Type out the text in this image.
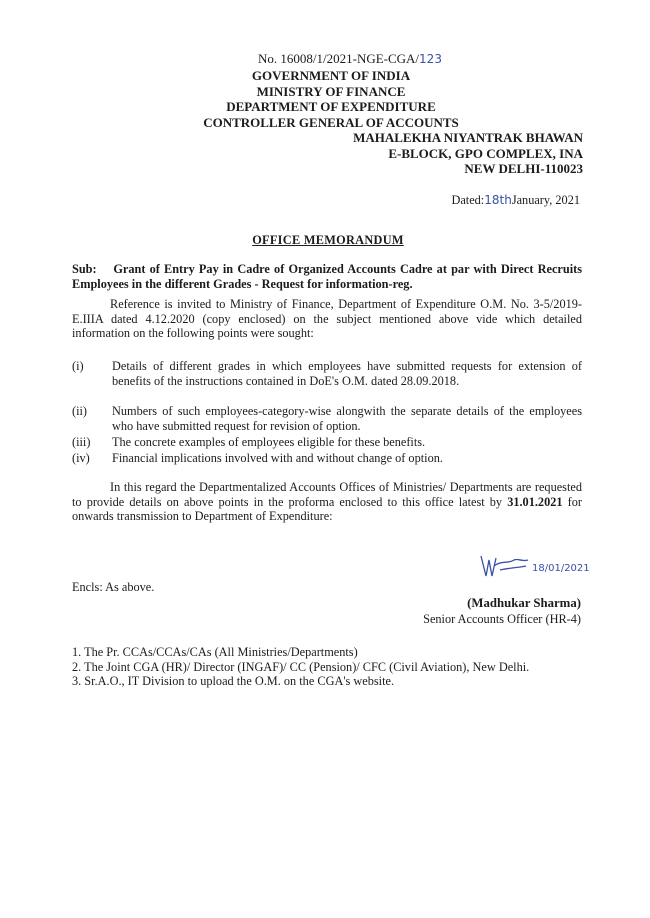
No. 16008/1/2021-NGE-CGA/123
GOVERNMENT OF INDIA
MINISTRY OF FINANCE
DEPARTMENT OF EXPENDITURE
CONTROLLER GENERAL OF ACCOUNTS
MAHALEKHA NIYANTRAK BHAWAN
E-BLOCK, GPO COMPLEX, INA
NEW DELHI-110023
Dated:18thJanuary, 2021
OFFICE MEMORANDUM
Sub: Grant of Entry Pay in Cadre of Organized Accounts Cadre at par with Direct Recruits Employees in the different Grades - Request for information-reg.
Reference is invited to Ministry of Finance, Department of Expenditure O.M. No. 3-5/2019-E.IIIA dated 4.12.2020 (copy enclosed) on the subject mentioned above vide which detailed information on the following points were sought:
(i) Details of different grades in which employees have submitted requests for extension of benefits of the instructions contained in DoE's O.M. dated 28.09.2018.
(ii) Numbers of such employees-category-wise alongwith the separate details of the employees who have submitted request for revision of option.
(iii) The concrete examples of employees eligible for these benefits.
(iv) Financial implications involved with and without change of option.
In this regard the Departmentalized Accounts Offices of Ministries/ Departments are requested to provide details on above points in the proforma enclosed to this office latest by 31.01.2021 for onwards transmission to Department of Expenditure:
18/01/2021
Encls: As above.
(Madhukar Sharma)
Senior Accounts Officer (HR-4)
1. The Pr. CCAs/CCAs/CAs (All Ministries/Departments)
2. The Joint CGA (HR)/ Director (INGAF)/ CC (Pension)/ CFC (Civil Aviation), New Delhi.
3. Sr.A.O., IT Division to upload the O.M. on the CGA's website.
